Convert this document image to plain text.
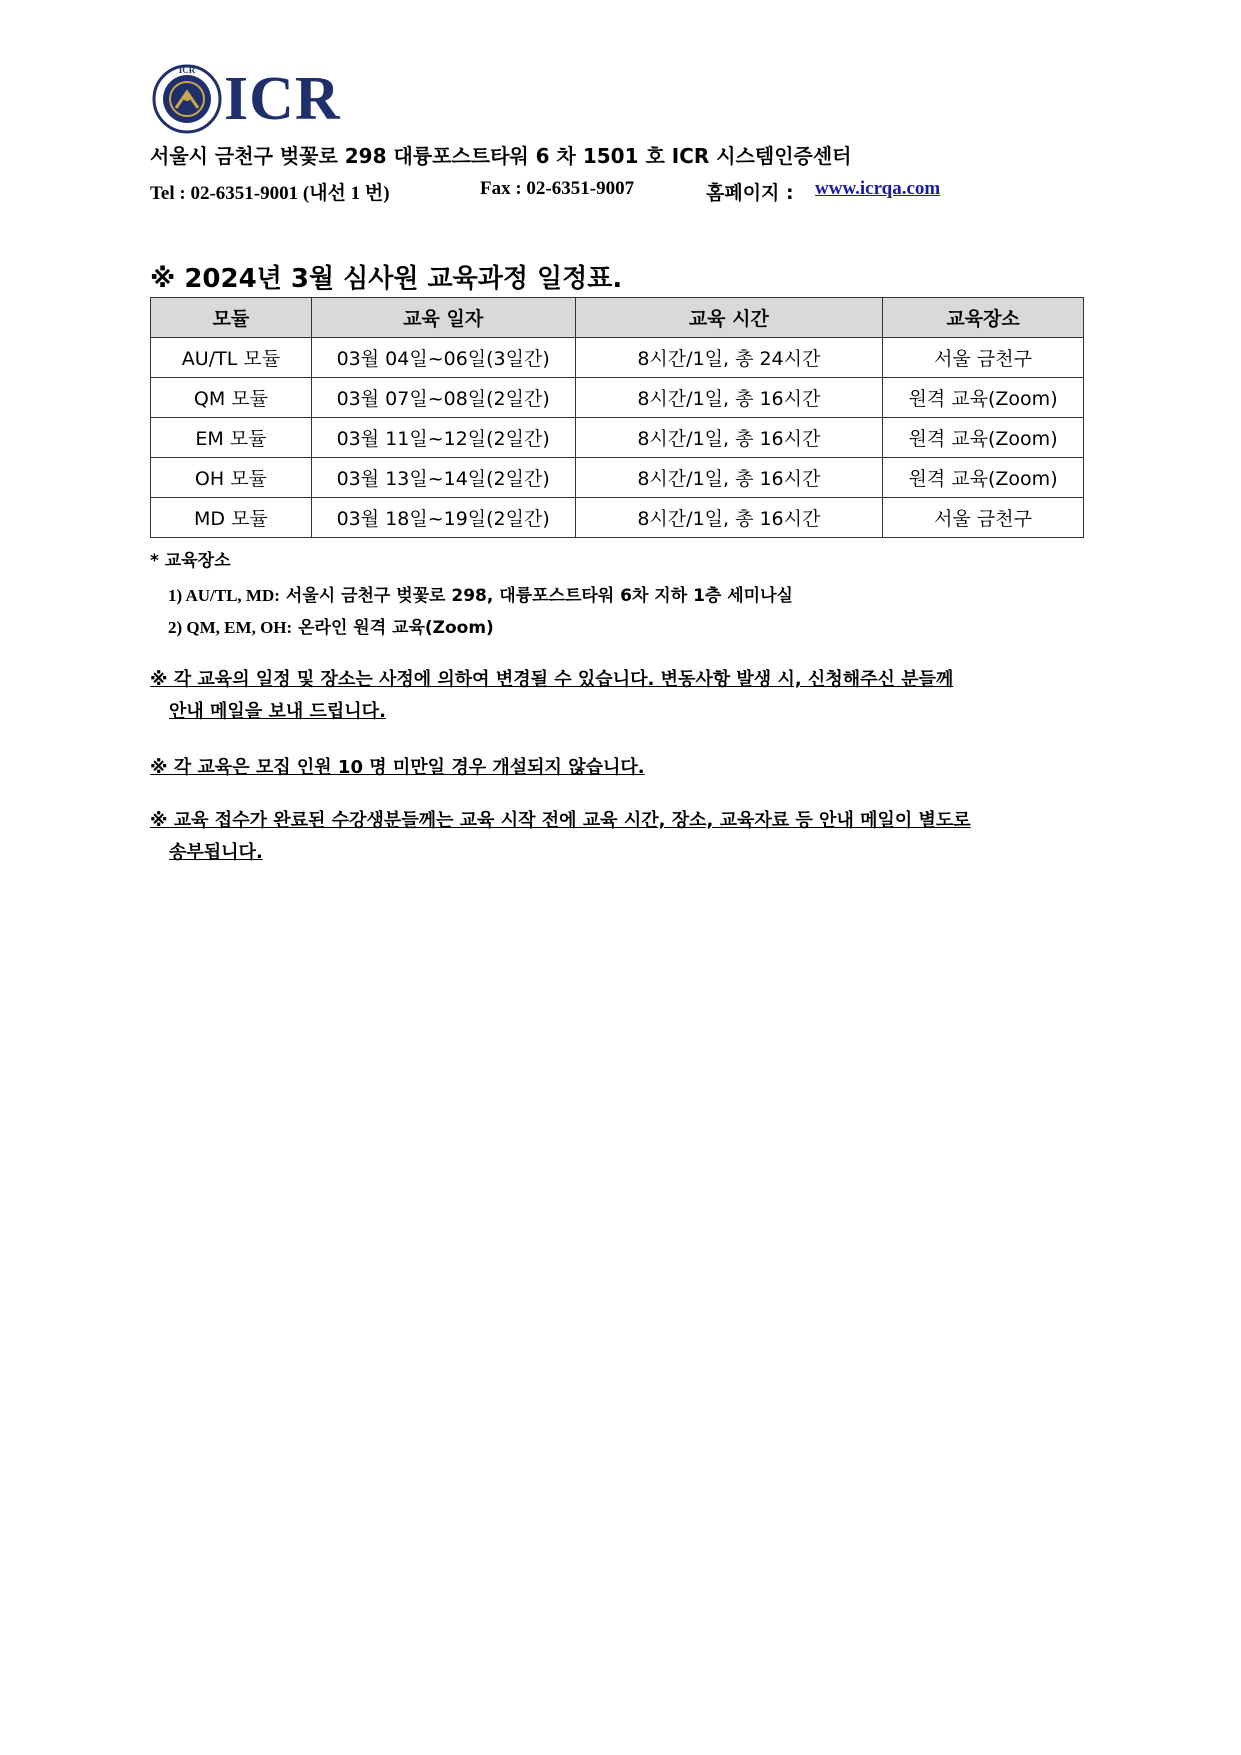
ICR ICR
서울시 금천구 벚꽃로 298 대륭포스트타워 6 차 1501 호 ICR 시스템인증센터
Tel : 02-6351-9001 (내선 1 번)	Fax : 02-6351-9007	홈페이지 : www.icrqa.com
※ 2024년 3월 심사원 교육과정 일정표.
모듈	교육 일자	교육 시간	교육장소
AU/TL 모듈	03월 04일~06일(3일간)	8시간/1일, 총 24시간	서울 금천구
QM 모듈	03월 07일~08일(2일간)	8시간/1일, 총 16시간	원격 교육(Zoom)
EM 모듈	03월 11일~12일(2일간)	8시간/1일, 총 16시간	원격 교육(Zoom)
OH 모듈	03월 13일~14일(2일간)	8시간/1일, 총 16시간	원격 교육(Zoom)
MD 모듈	03월 18일~19일(2일간)	8시간/1일, 총 16시간	서울 금천구
* 교육장소
1) AU/TL, MD: 서울시 금천구 벚꽃로 298, 대륭포스트타워 6차 지하 1층 세미나실
2) QM, EM, OH: 온라인 원격 교육(Zoom)
※ 각 교육의 일정 및 장소는 사정에 의하여 변경될 수 있습니다. 변동사항 발생 시, 신청해주신 분들께
안내 메일을 보내 드립니다.
※ 각 교육은 모집 인원 10 명 미만일 경우 개설되지 않습니다.
※ 교육 접수가 완료된 수강생분들께는 교육 시작 전에 교육 시간, 장소, 교육자료 등 안내 메일이 별도로
송부됩니다.
